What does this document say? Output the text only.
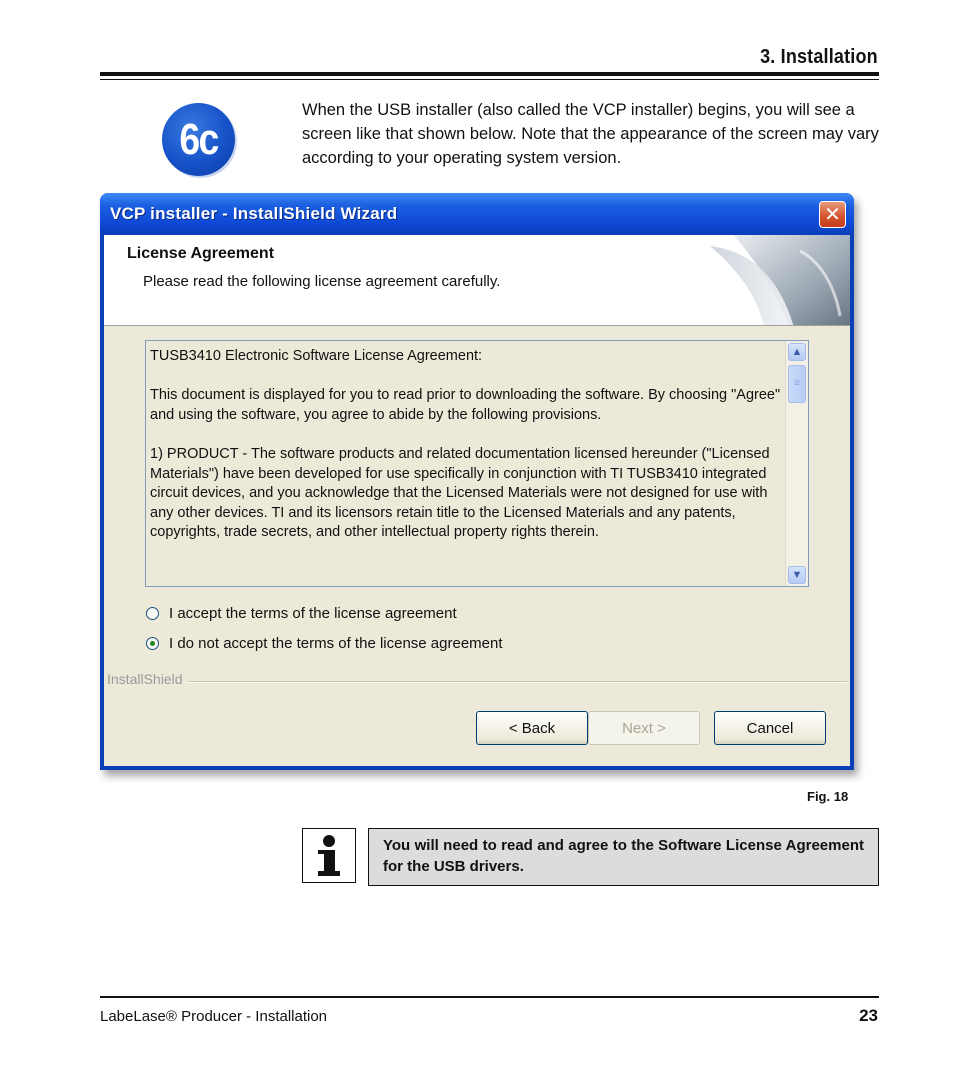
3. Installation
6c
When the USB installer (also called the VCP installer) begins, you will see a screen like that shown below. Note that the appearance of the screen may vary according to your operating system version.
VCP installer - InstallShield Wizard	✕
License Agreement
Please read the following license agreement carefully.

TUSB3410 Electronic Software License Agreement:

This document is displayed for you to read prior to downloading the software. By choosing "Agree" and using the software, you agree to abide by the following provisions.

1) PRODUCT - The software products and related documentation licensed hereunder ("Licensed Materials") have been developed for use specifically in conjunction with TI TUSB3410 integrated circuit devices, and you acknowledge that the Licensed Materials were not designed for use with any other devices. TI and its licensors retain title to the Licensed Materials and any patents, copyrights, trade secrets, and other intellectual property rights therein.

▲
≡
▼
I accept the terms of the license agreement
I do not accept the terms of the license agreement
InstallShield
< Back	Next >	Cancel
Fig. 18
You will need to read and agree to the Software License Agreement for the USB drivers.
LabeLase® Producer - Installation	23
